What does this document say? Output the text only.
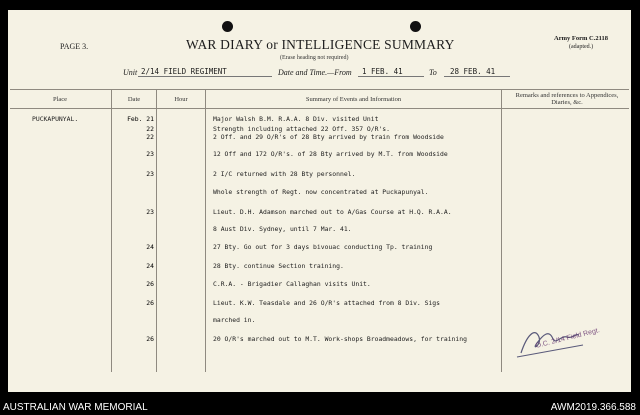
PAGE 3.	WAR DIARY or INTELLIGENCE SUMMARY
(Erase heading not required)
Army Form C.2118
(adapted.)
Unit 2/14 FIELD REGIMENT	Date and Time.—From 1 FEB. 41	To 28 FEB. 41
Place	Date	Hour	Summary of Events and Information
Remarks and references to Appendices, Diaries, &c.
PUCKAPUNYAL.	Feb. 21	Major Walsh B.M. R.A.A. 8 Div. visited Unit
22	Strength including attached 22 Off. 357 O/R's.
22	2 Off. and 29 O/R's of 28 Bty arrived by train from Woodside
23	12 Off and 172 O/R's. of 28 Bty arrived by M.T. from Woodside
23	2 I/C returned with 28 Bty personnel.
Whole strength of Regt. now concentrated at Puckapunyal.
23	Lieut. D.H. Adamson marched out to A/Gas Course at H.Q. R.A.A.
8 Aust Div. Sydney, until 7 Mar. 41.
24	27 Bty. Go out for 3 days bivouac conducting Tp. training
24	28 Bty. continue Section training.
26	C.R.A. - Brigadier Callaghan visits Unit.
26	Lieut. K.W. Teasdale and 26 O/R's attached from 8 Div. Sigs
marched in.
26	20 O/R's marched out to M.T. Work-shops Broadmeadows, for training	O.C. 2/14 Field Regt.
AUSTRALIAN WAR MEMORIAL	AWM2019.366.588
